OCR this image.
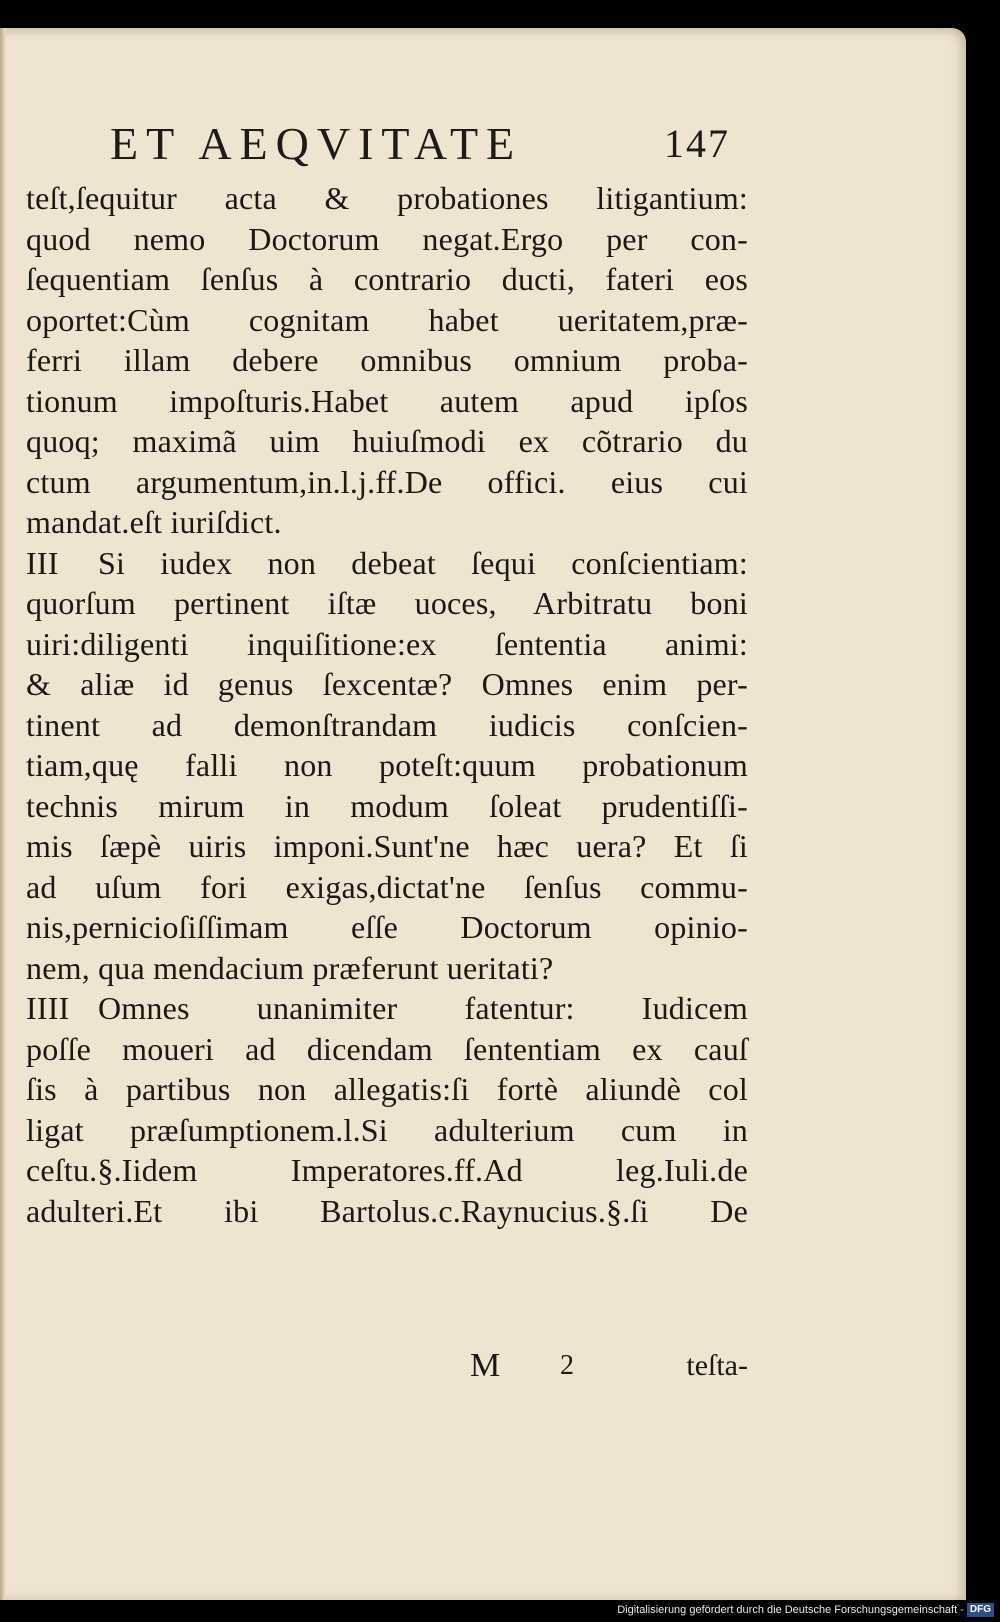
ET AEQVITATE	147
teſt,ſequitur acta & probationes litigantium:
quod nemo Doctorum negat.Ergo per con-
ſequentiam ſenſus à contrario ducti, fateri eos
oportet:Cùm cognitam habet ueritatem,præ-
ferri illam debere omnibus omnium proba-
tionum impoſturis.Habet autem apud ipſos
quoq; maximã uim huiuſmodi ex cõtrario du
ctum argumentum,in.l.j.ff.De offici. eius cui
mandat.eſt iuriſdict.
III Si iudex non debeat ſequi conſcientiam:
quorſum pertinent iſtæ uoces, Arbitratu boni
uiri:diligenti inquiſitione:ex ſententia animi:
& aliæ id genus ſexcentæ? Omnes enim per-
tinent ad demonſtrandam iudicis conſcien-
tiam,quę falli non poteſt:quum probationum
technis mirum in modum ſoleat prudentiſſi-
mis ſæpè uiris imponi.Sunt'ne hæc uera? Et ſi
ad uſum fori exigas,dictat'ne ſenſus commu-
nis,pernicioſiſſimam eſſe Doctorum opinio-
nem, qua mendacium præferunt ueritati?
IIII Omnes unanimiter fatentur: Iudicem
poſſe moueri ad dicendam ſententiam ex cauſ
ſis à partibus non allegatis:ſi fortè aliundè col
ligat præſumptionem.l.Si adulterium cum in
ceſtu.§.Iidem Imperatores.ff.Ad leg.Iuli.de
adulteri.Et ibi Bartolus.c.Raynucius.§.ſi De
M 2	teſta-
Digitalisierung gefördert durch die Deutsche Forschungsgemeinschaft - DFG
